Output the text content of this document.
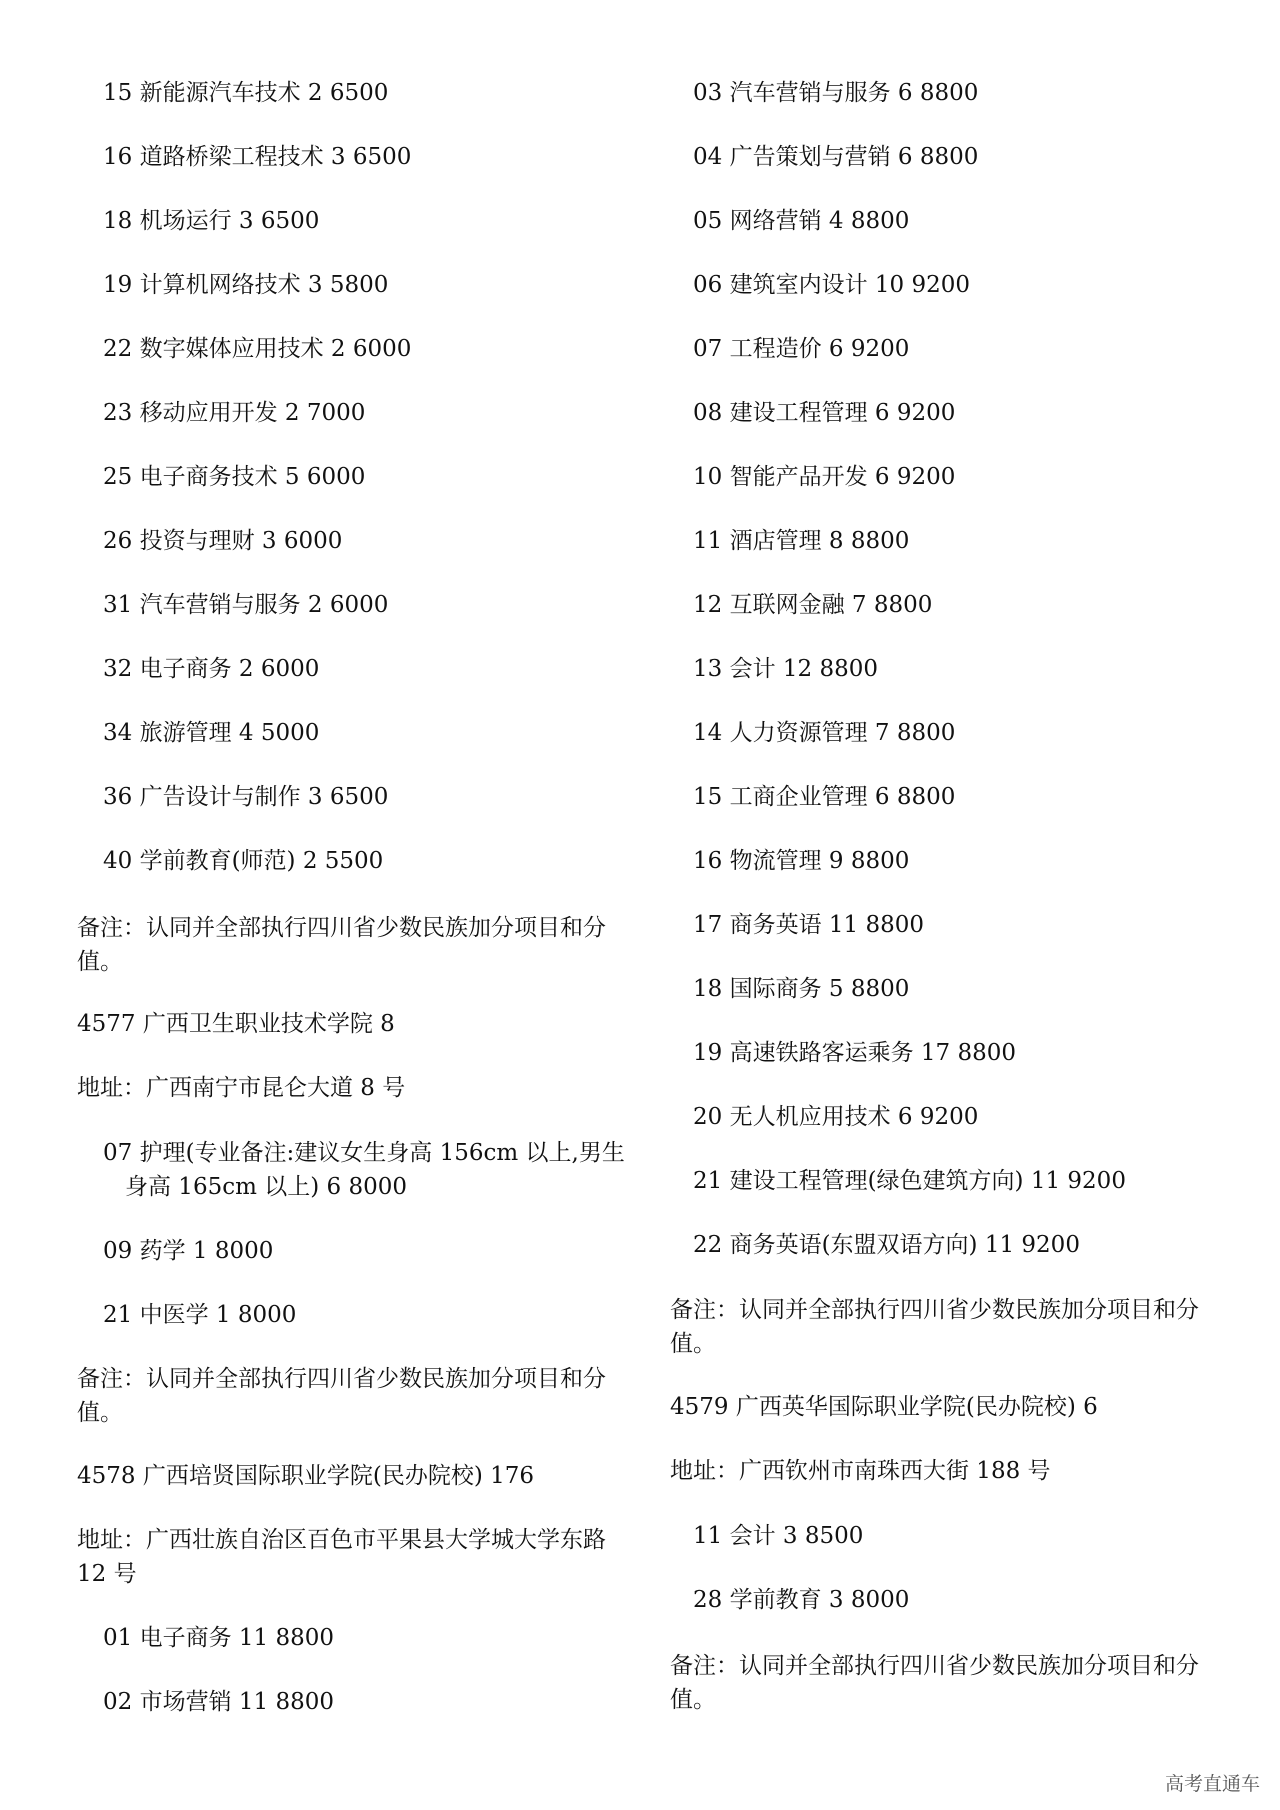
15 新能源汽车技术 2 6500
16 道路桥梁工程技术 3 6500
18 机场运行 3 6500
19 计算机网络技术 3 5800
22 数字媒体应用技术 2 6000
23 移动应用开发 2 7000
25 电子商务技术 5 6000
26 投资与理财 3 6000
31 汽车营销与服务 2 6000
32 电子商务 2 6000
34 旅游管理 4 5000
36 广告设计与制作 3 6500
40 学前教育(师范) 2 5500
备注：认同并全部执行四川省少数民族加分项目和分
值。
4577 广西卫生职业技术学院 8
地址：广西南宁市昆仑大道 8 号
07 护理(专业备注:建议女生身高 156cm 以上,男生
身高 165cm 以上) 6 8000
09 药学 1 8000
21 中医学 1 8000
备注：认同并全部执行四川省少数民族加分项目和分
值。
4578 广西培贤国际职业学院(民办院校) 176
地址：广西壮族自治区百色市平果县大学城大学东路
12 号
01 电子商务 11 8800
02 市场营销 11 8800
03 汽车营销与服务 6 8800
04 广告策划与营销 6 8800
05 网络营销 4 8800
06 建筑室内设计 10 9200
07 工程造价 6 9200
08 建设工程管理 6 9200
10 智能产品开发 6 9200
11 酒店管理 8 8800
12 互联网金融 7 8800
13 会计 12 8800
14 人力资源管理 7 8800
15 工商企业管理 6 8800
16 物流管理 9 8800
17 商务英语 11 8800
18 国际商务 5 8800
19 高速铁路客运乘务 17 8800
20 无人机应用技术 6 9200
21 建设工程管理(绿色建筑方向) 11 9200
22 商务英语(东盟双语方向) 11 9200
备注：认同并全部执行四川省少数民族加分项目和分
值。
4579 广西英华国际职业学院(民办院校) 6
地址：广西钦州市南珠西大街 188 号
11 会计 3 8500
28 学前教育 3 8000
备注：认同并全部执行四川省少数民族加分项目和分
值。
高考直通车
